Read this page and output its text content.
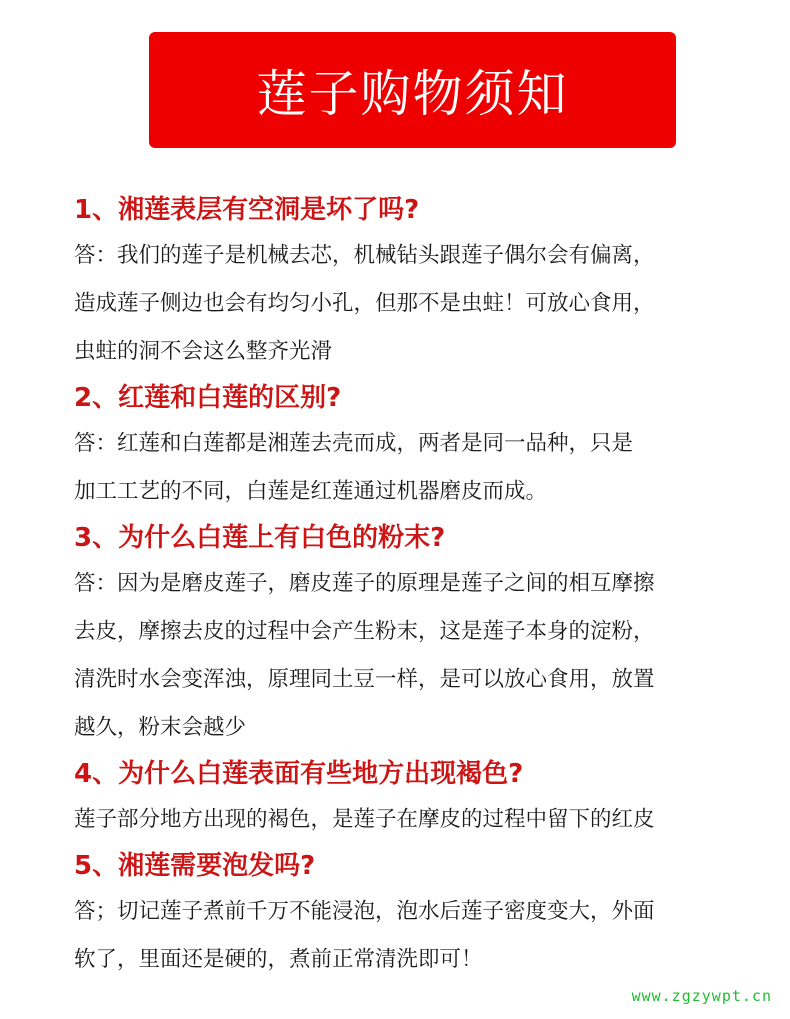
莲子购物须知
1、湘莲表层有空洞是坏了吗?
答：我们的莲子是机械去芯，机械钻头跟莲子偶尔会有偏离，
造成莲子侧边也会有均匀小孔，但那不是虫蛀！可放心食用，
虫蛀的洞不会这么整齐光滑
2、红莲和白莲的区别?
答：红莲和白莲都是湘莲去壳而成，两者是同一品种，只是
加工工艺的不同，白莲是红莲通过机器磨皮而成。
3、为什么白莲上有白色的粉末?
答：因为是磨皮莲子，磨皮莲子的原理是莲子之间的相互摩擦
去皮，摩擦去皮的过程中会产生粉末，这是莲子本身的淀粉，
清洗时水会变浑浊，原理同土豆一样，是可以放心食用，放置
越久，粉末会越少
4、为什么白莲表面有些地方出现褐色?
莲子部分地方出现的褐色，是莲子在摩皮的过程中留下的红皮
5、湘莲需要泡发吗?
答；切记莲子煮前千万不能浸泡，泡水后莲子密度变大，外面
软了，里面还是硬的，煮前正常清洗即可！
www.zgzywpt.cn
